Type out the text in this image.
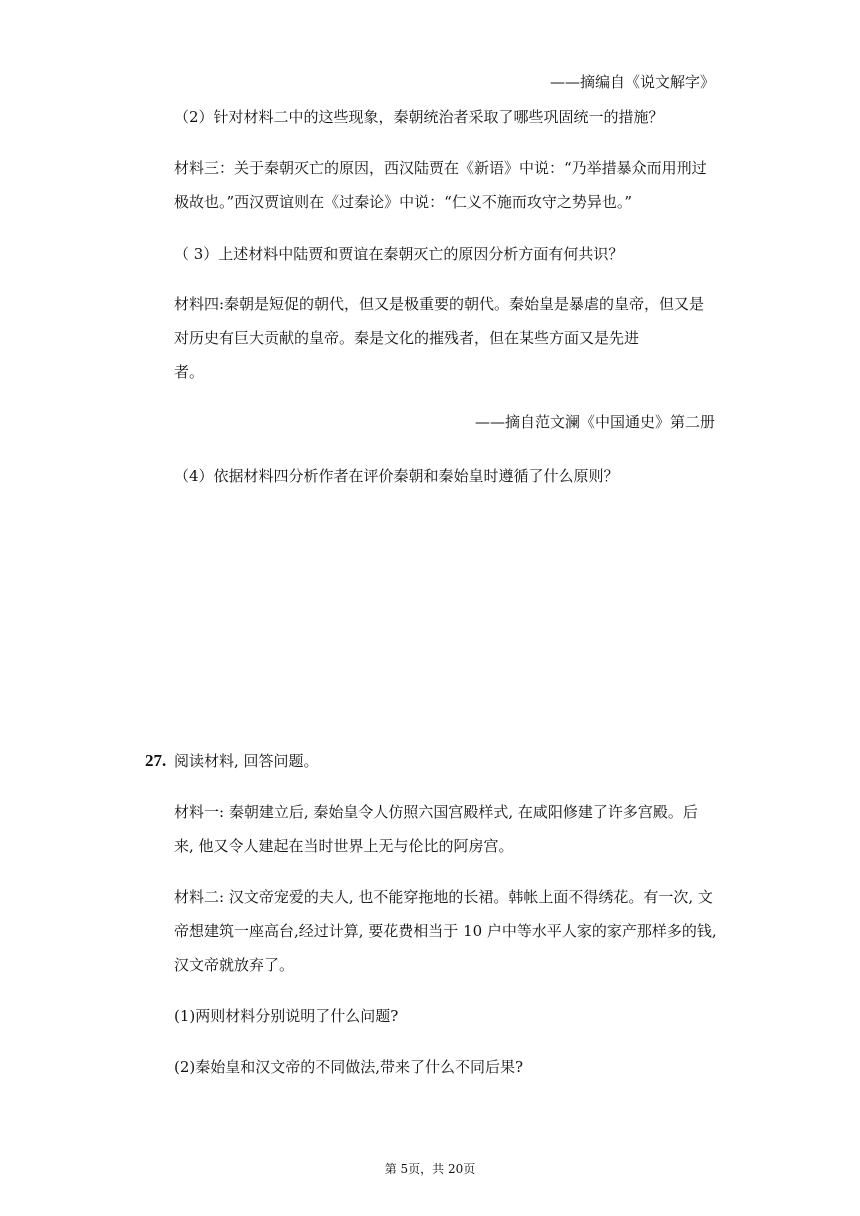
——摘编自《说文解字》
（2）针对材料二中的这些现象，秦朝统治者采取了哪些巩固统一的措施？
材料三：关于秦朝灭亡的原因，西汉陆贾在《新语》中说：“乃举措暴众而用刑过
极故也。”西汉贾谊则在《过秦论》中说：“仁义不施而攻守之势异也。”
（ 3）上述材料中陆贾和贾谊在秦朝灭亡的原因分析方面有何共识？
材料四:秦朝是短促的朝代，但又是极重要的朝代。秦始皇是暴虐的皇帝，但又是
对历史有巨大贡献的皇帝。秦是文化的摧残者，但在某些方面又是先进
者。
——摘自范文澜《中国通史》第二册
（4）依据材料四分析作者在评价秦朝和秦始皇时遵循了什么原则？
27. 阅读材料, 回答问题。
材料一: 秦朝建立后, 秦始皇令人仿照六国宫殿样式, 在咸阳修建了许多宫殿。后
来, 他又令人建起在当时世界上无与伦比的阿房宫。
材料二: 汉文帝宠爱的夫人, 也不能穿拖地的长裙。韩帐上面不得绣花。有一次, 文
帝想建筑一座高台,经过计算, 要花费相当于 10 户中等水平人家的家产那样多的钱,
汉文帝就放弃了。
(1)两则材料分别说明了什么问题?
(2)秦始皇和汉文帝的不同做法,带来了什么不同后果?
第 5页，共 20页
